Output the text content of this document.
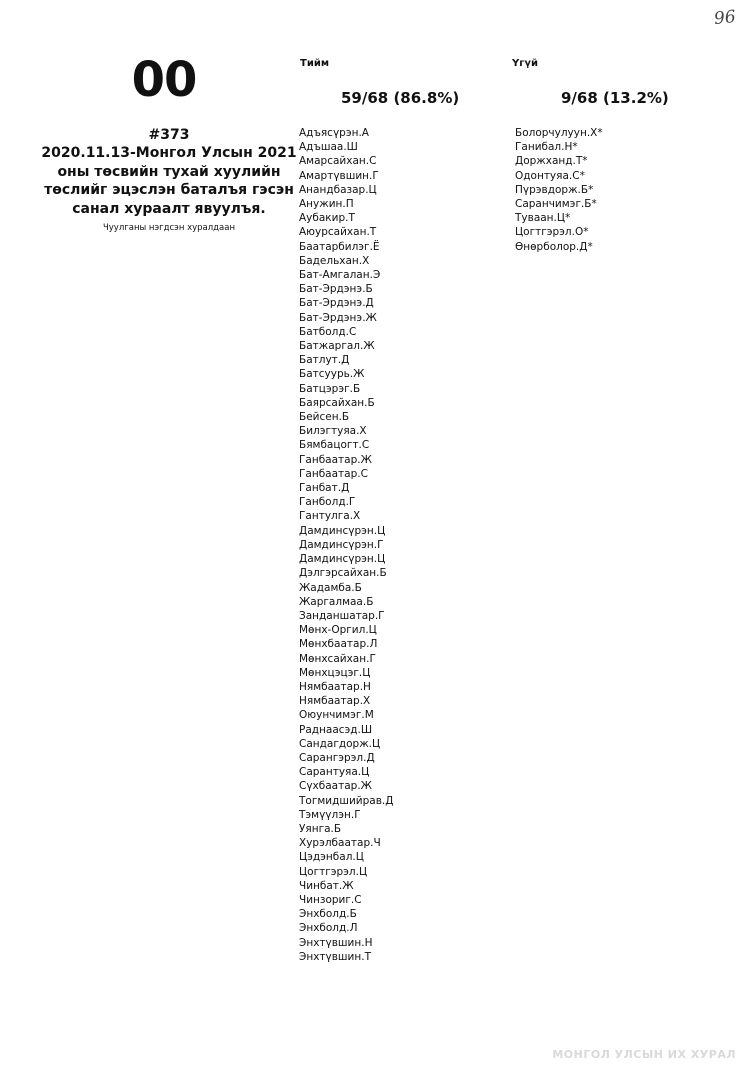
96
00
#373
2020.11.13-Монгол Улсын 2021 оны төсвийн тухай хуулийн төслийг эцэслэн баталъя гэсэн санал хураалт явуулъя.
Чуулганы нэгдсэн хуралдаан
Тийм
59/68 (86.8%)
Адъясүрэн.А
Адъшаа.Ш
Амарсайхан.С
Амартүвшин.Г
Анандбазар.Ц
Анужин.П
Аубакир.Т
Аюурсайхан.Т
Баатарбилэг.Ё
Бадельхан.Х
Бат-Амгалан.Э
Бат-Эрдэнэ.Б
Бат-Эрдэнэ.Д
Бат-Эрдэнэ.Ж
Батболд.С
Батжаргал.Ж
Батлут.Д
Батсуурь.Ж
Батцэрэг.Б
Баярсайхан.Б
Бейсен.Б
Билэгтуяа.Х
Бямбацогт.С
Ганбаатар.Ж
Ганбаатар.С
Ганбат.Д
Ганболд.Г
Гантулга.Х
Дамдинсүрэн.Ц
Дамдинсүрэн.Г
Дамдинсүрэн.Ц
Дэлгэрсайхан.Б
Жадамба.Б
Жаргалмаа.Б
Занданшатар.Г
Мөнх-Оргил.Ц
Мөнхбаатар.Л
Мөнхсайхан.Г
Мөнхцэцэг.Ц
Нямбаатар.Н
Нямбаатар.Х
Оюунчимэг.М
Раднаасэд.Ш
Сандагдорж.Ц
Сарангэрэл.Д
Сарантуяа.Ц
Сүхбаатар.Ж
Тогмидшийрав.Д
Тэмүүлэн.Г
Уянга.Б
Хурэлбаатар.Ч
Цэдэнбал.Ц
Цогтгэрэл.Ц
Чинбат.Ж
Чинзориг.С
Энхболд.Б
Энхболд.Л
Энхтүвшин.Н
Энхтүвшин.Т
Үгүй
9/68 (13.2%)
Болорчулуун.Х*
Ганибал.Н*
Доржханд.Т*
Одонтуяа.С*
Пүрэвдорж.Б*
Саранчимэг.Б*
Туваан.Ц*
Цогтгэрэл.О*
Өнөрболор.Д*
МОНГОЛ УЛСЫН ИХ ХУРАЛ
